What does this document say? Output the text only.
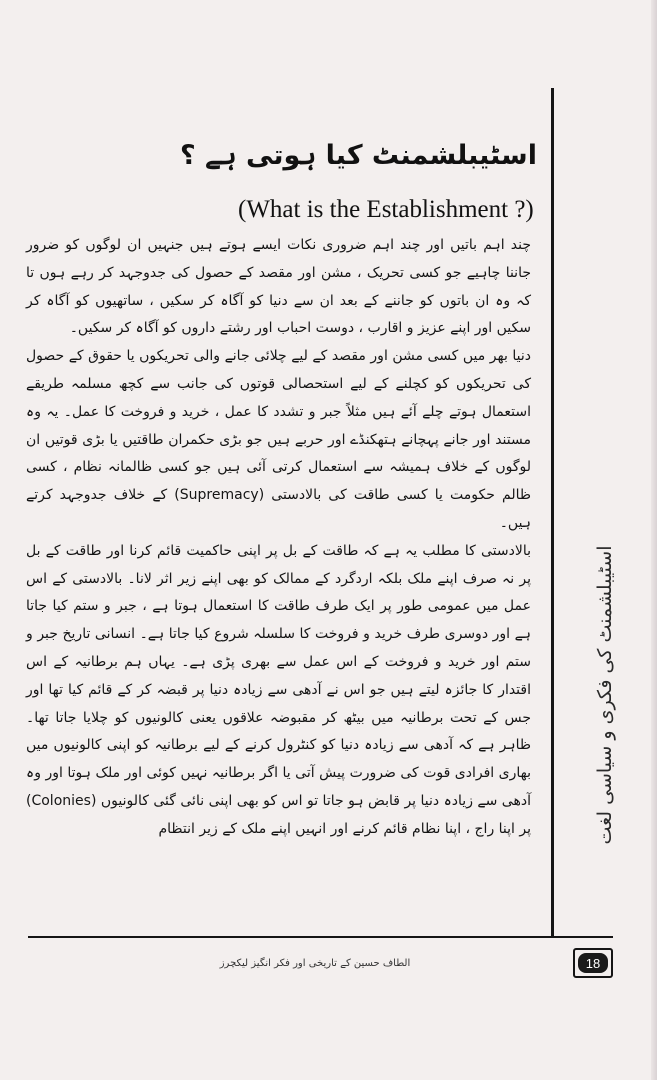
اسٹیبلشمنٹ کی فکری و سیاسی لغت
اسٹیبلشمنٹ کیا ہوتی ہے ؟
(What is the Establishment ?)

چند اہم باتیں اور چند اہم ضروری نکات ایسے ہوتے ہیں جنہیں ان لوگوں کو ضرور جاننا چاہیے جو کسی تحریک ، مشن اور مقصد کے حصول کی جدوجہد کر رہے ہوں تا کہ وہ ان باتوں کو جاننے کے بعد ان سے دنیا کو آگاہ کر سکیں ، ساتھیوں کو آگاہ کر سکیں اور اپنے عزیز و اقارب ، دوست احباب اور رشتے داروں کو آگاہ کر سکیں۔

دنیا بھر میں کسی مشن اور مقصد کے لیے چلائی جانے والی تحریکوں یا حقوق کے حصول کی تحریکوں کو کچلنے کے لیے استحصالی قوتوں کی جانب سے کچھ مسلمہ طریقے استعمال ہوتے چلے آئے ہیں مثلاً جبر و تشدد کا عمل ، خرید و فروخت کا عمل۔ یہ وہ مستند اور جانے پہچانے ہتھکنڈے اور حربے ہیں جو بڑی حکمران طاقتیں یا بڑی قوتیں ان لوگوں کے خلاف ہمیشہ سے استعمال کرتی آئی ہیں جو کسی ظالمانہ نظام ، کسی ظالم حکومت یا کسی طاقت کی بالادستی (Supremacy) کے خلاف جدوجہد کرتے ہیں۔

بالادستی کا مطلب یہ ہے کہ طاقت کے بل پر اپنی حاکمیت قائم کرنا اور طاقت کے بل پر نہ صرف اپنے ملک بلکہ اردگرد کے ممالک کو بھی اپنے زیر اثر لانا۔ بالادستی کے اس عمل میں عمومی طور پر ایک طرف طاقت کا استعمال ہوتا ہے ، جبر و ستم کیا جاتا ہے اور دوسری طرف خرید و فروخت کا سلسلہ شروع کیا جاتا ہے۔ انسانی تاریخ جبر و ستم اور خرید و فروخت کے اس عمل سے بھری پڑی ہے۔ یہاں ہم برطانیہ کے اس اقتدار کا جائزہ لیتے ہیں جو اس نے آدھی سے زیادہ دنیا پر قبضہ کر کے قائم کیا تھا اور جس کے تحت برطانیہ میں بیٹھ کر مقبوضہ علاقوں یعنی کالونیوں کو چلایا جاتا تھا۔ ظاہر ہے کہ آدھی سے زیادہ دنیا کو کنٹرول کرنے کے لیے برطانیہ کو اپنی کالونیوں میں بھاری افرادی قوت کی ضرورت پیش آتی یا اگر برطانیہ نہیں کوئی اور ملک ہوتا اور وہ آدھی سے زیادہ دنیا پر قابض ہو جاتا تو اس کو بھی اپنی نائی گئی کالونیوں (Colonies) پر اپنا راج ، اپنا نظام قائم کرنے اور انہیں اپنے ملک کے زیر انتظام

18
الطاف حسین کے تاریخی اور فکر انگیز لیکچرز
